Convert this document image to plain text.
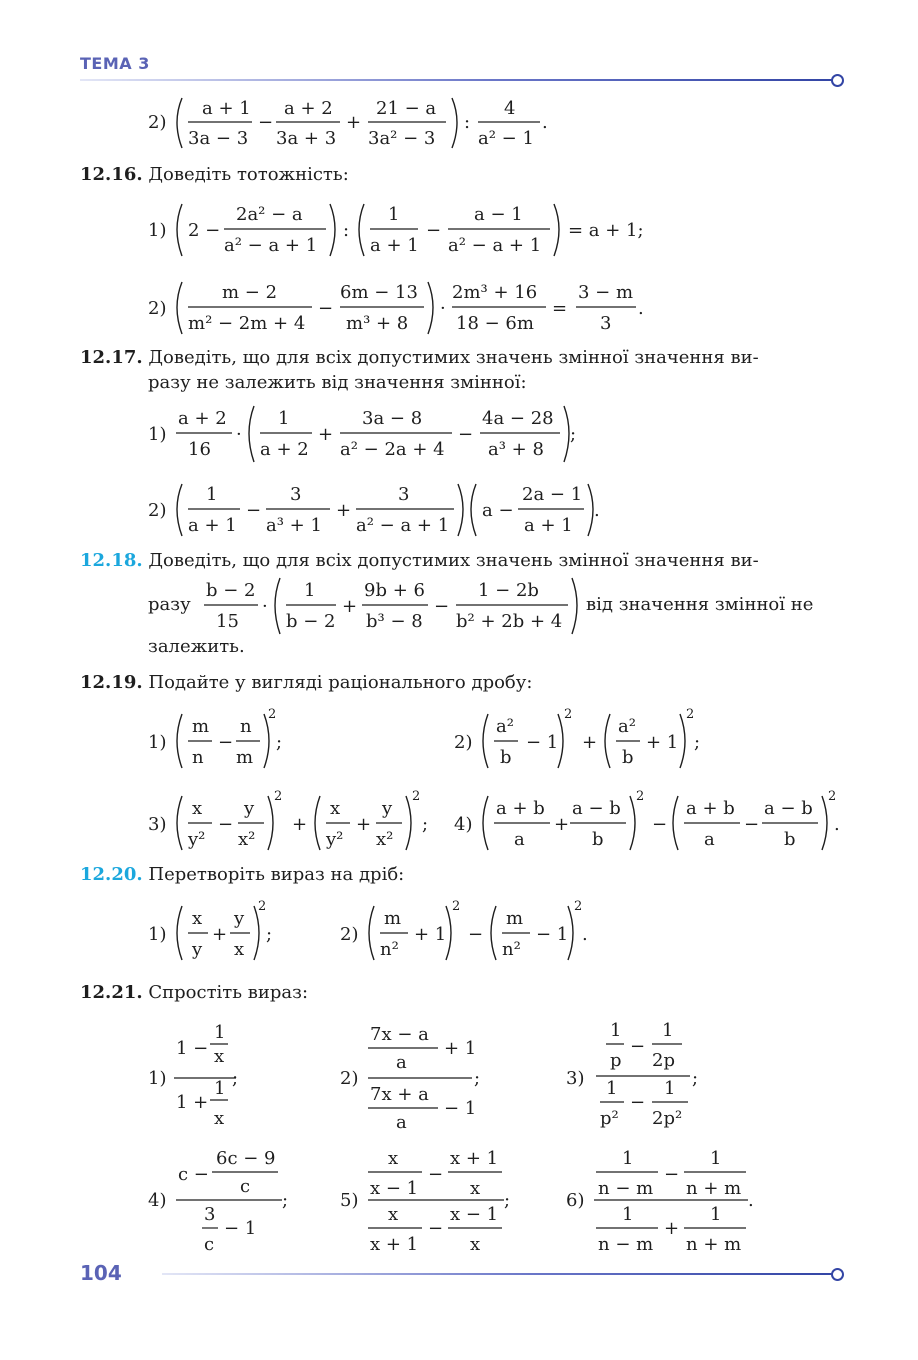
ТЕМА 3
2)
a + 1
3a − 3
−
a + 2
3a + 3
+
21 − a
3a² − 3
:
4
a² − 1
.
12.16. Доведіть тотожність:
1) 2 −
2a² − a
a² − a + 1
:
1
a + 1
−
a − 1
a² − a + 1
= a + 1;
2)
m − 2
m² − 2m + 4
−
6m − 13
m³ + 8
·
2m³ + 16
18 − 6m
=
3 − m
3
.
12.17. Доведіть, що для всіх допустимих значень змінної значення ви-
разу не залежить від значення змінної:
1)
a + 2
16
·
1
a + 2
+
3a − 8
a² − 2a + 4
−
4a − 28
a³ + 8
;
2)
1
a + 1
−
3
a³ + 1
+
3
a² − a + 1
a −
2a − 1
a + 1
.
12.18. Доведіть, що для всіх допустимих значень змінної значення ви-
разу
b − 2
15
·
1
b − 2
+
9b + 6
b³ − 8
−
1 − 2b
b² + 2b + 4
від значення змінної не
залежить.
12.19. Подайте у вигляді раціонального дробу:
1)
m
n
−
n
m
2
;	2)
a²
b
− 1
2
+
a²
b
+ 1
2
;
3)
x
y²
−
y
x²
2
+
x
y²
+
y
x²
2
; 4)
a + b
a
+
a − b
b
2
−
a + b
a
−
a − b
b
2
.
12.20. Перетворіть вираз на дріб:
1)
x
y
+
y
x
2
;	2)
m
n²
+ 1
2
−
m
n²
− 1
2
.
12.21. Спростіть вираз:
1)
1 −
1
x
1 +
1
x
;	2)
7x − a
a
+ 1
7x + a
a
− 1
;	3)
1
p
−
1
2p
1
p²
−
1
2p²
;
4)
c −
6c − 9
c
3
c
− 1
;	5)
x
x − 1
−
x + 1
x
x
x + 1
−
x − 1
x
;	6)
1
n − m
−
1
n + m
1
n − m
+
1
n + m
.
104
